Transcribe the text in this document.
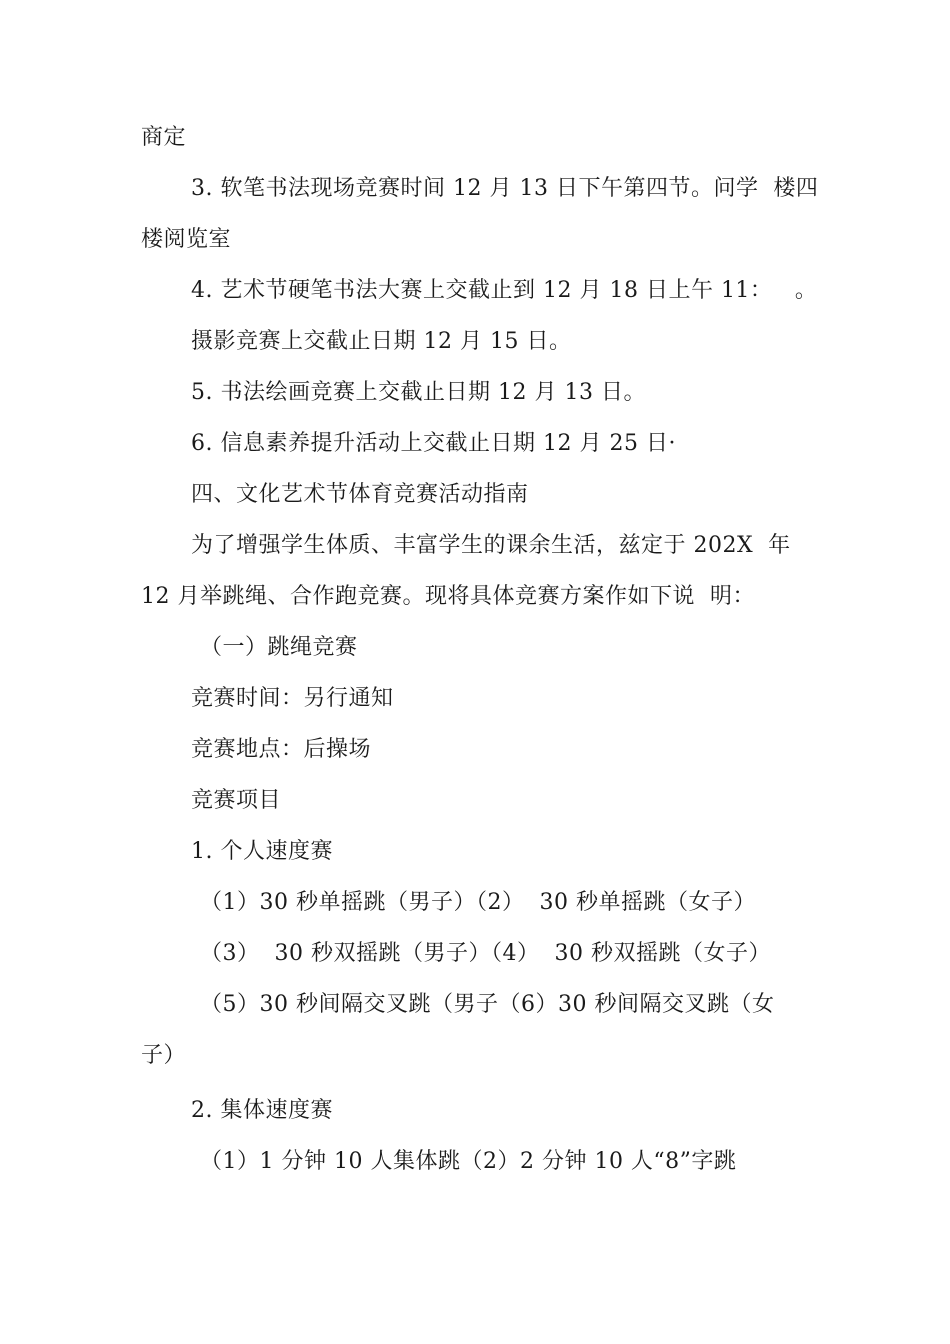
商定
3. 软笔书法现场竞赛时间 12 月 13 日下午第四节。问学  楼四
楼阅览室
4. 艺术节硬笔书法大赛上交截止到 12 月 18 日上午 11：   。
摄影竞赛上交截止日期 12 月 15 日。
5. 书法绘画竞赛上交截止日期 12 月 13 日。
6. 信息素养提升活动上交截止日期 12 月 25 日·
四、文化艺术节体育竞赛活动指南
为了增强学生体质、丰富学生的课余生活，兹定于 202X  年
12 月举跳绳、合作跑竞赛。现将具体竞赛方案作如下说  明：
（一）跳绳竞赛
竞赛时间：另行通知
竞赛地点：后操场
竞赛项目
1. 个人速度赛
（1）30 秒单摇跳（男子）（2）  30 秒单摇跳（女子）
（3）  30 秒双摇跳（男子）（4）  30 秒双摇跳（女子）
（5）30 秒间隔交叉跳（男子（6）30 秒间隔交叉跳（女
子）
2. 集体速度赛
（1）1 分钟 10 人集体跳（2）2 分钟 10 人“8”字跳
